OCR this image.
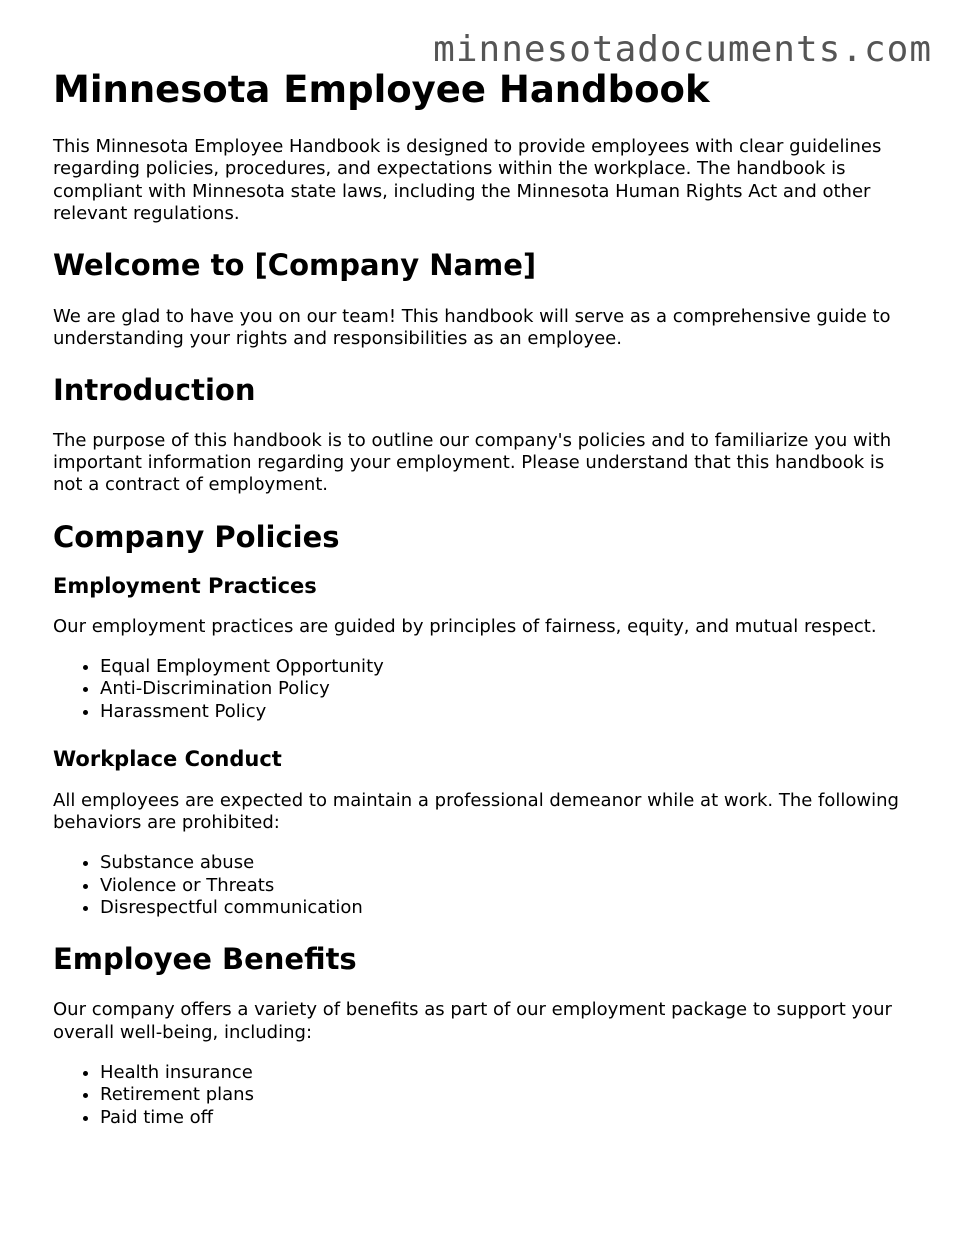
minnesotadocuments.com
Minnesota Employee Handbook

This Minnesota Employee Handbook is designed to provide employees with clear guidelines regarding policies, procedures, and expectations within the workplace. The handbook is compliant with Minnesota state laws, including the Minnesota Human Rights Act and other relevant regulations.

Welcome to [Company Name]

We are glad to have you on our team! This handbook will serve as a comprehensive guide to understanding your rights and responsibilities as an employee.

Introduction

The purpose of this handbook is to outline our company's policies and to familiarize you with important information regarding your employment. Please understand that this handbook is not a contract of employment.

Company Policies
Employment Practices

Our employment practices are guided by principles of fairness, equity, and mutual respect.

• Equal Employment Opportunity
• Anti-Discrimination Policy
• Harassment Policy
Workplace Conduct

All employees are expected to maintain a professional demeanor while at work. The following behaviors are prohibited:

• Substance abuse
• Violence or Threats
• Disrespectful communication
Employee Benefits

Our company offers a variety of benefits as part of our employment package to support your overall well-being, including:

• Health insurance
• Retirement plans
• Paid time off
